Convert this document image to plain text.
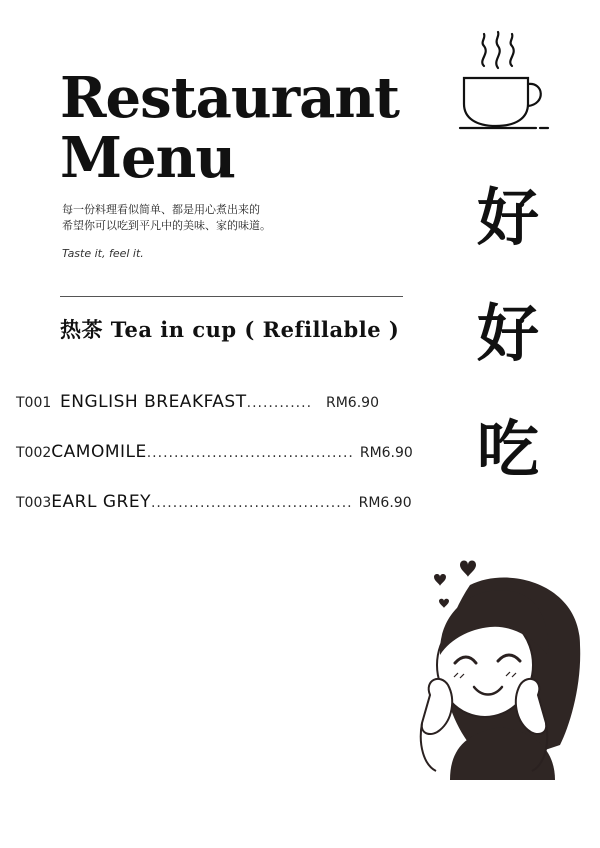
Restaurant
Menu
每一份料理看似简单、都是用心煮出来的
希望你可以吃到平凡中的美味、家的味道。
Taste it, feel it.
热茶 Tea in cup ( Refillable )
T001 ENGLISH BREAKFAST ............ RM6.90
T002 CAMOMILE ...................................... RM6.90
T003 EARL GREY ..................................... RM6.90
好
好
吃
